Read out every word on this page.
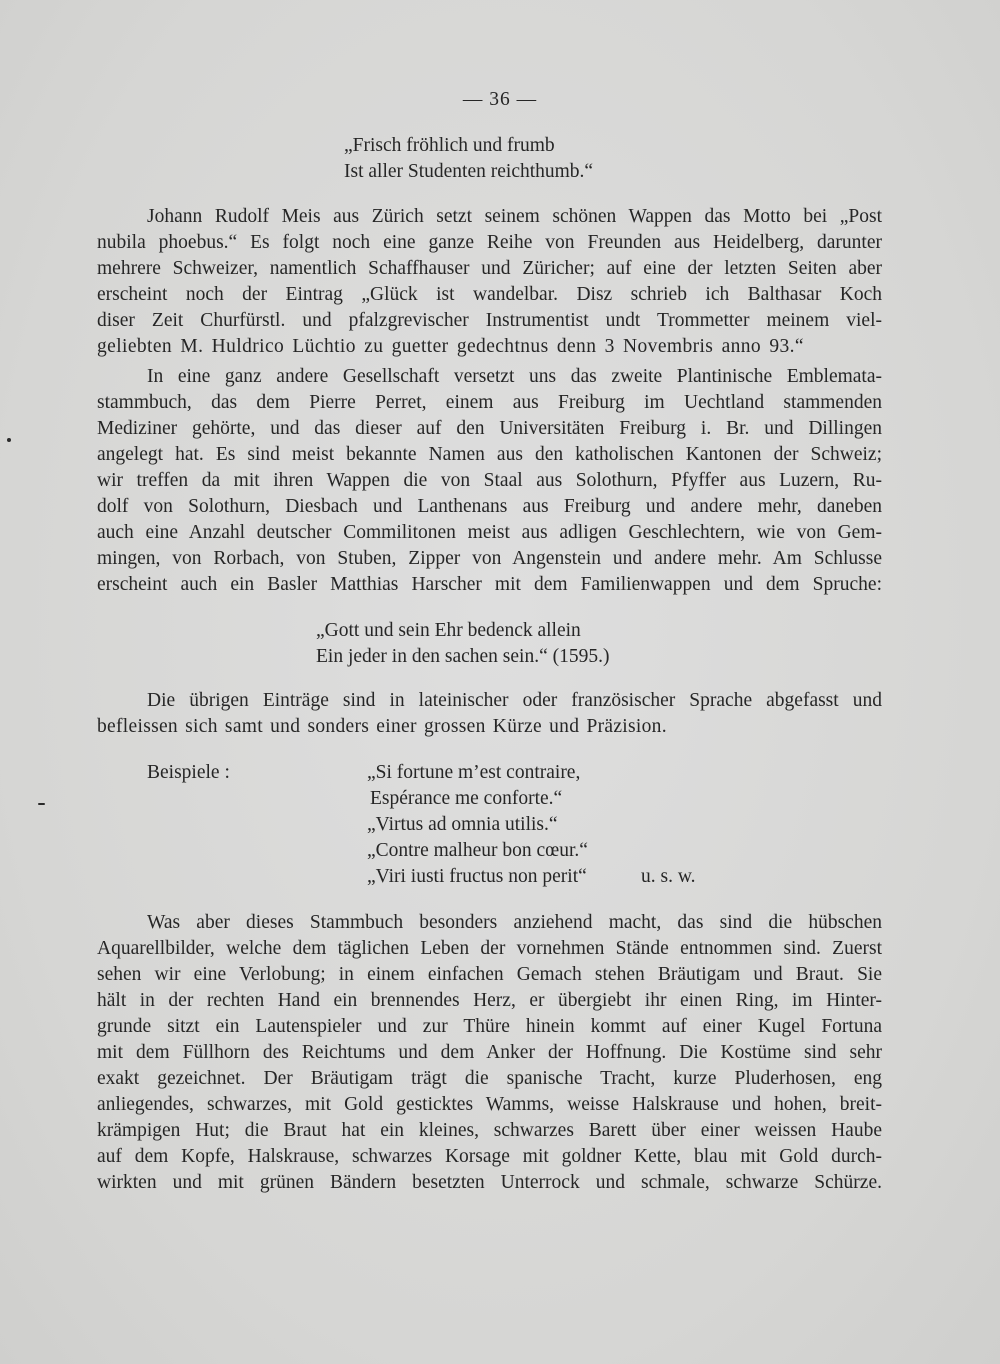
— 36 —
„Frisch fröhlich und frumb
Ist aller Studenten reichthumb.“
Johann Rudolf Meis aus Zürich setzt seinem schönen Wappen das Motto bei „Post
nubila phoebus.“ Es folgt noch eine ganze Reihe von Freunden aus Heidelberg, darunter
mehrere Schweizer, namentlich Schaffhauser und Züricher; auf eine der letzten Seiten aber
erscheint noch der Eintrag „Glück ist wandelbar. Disz schrieb ich Balthasar Koch
diser Zeit Churfürstl. und pfalzgrevischer Instrumentist undt Trommetter meinem viel-
geliebten M. Huldrico Lüchtio zu guetter gedechtnus denn 3 Novembris anno 93.“
In eine ganz andere Gesellschaft versetzt uns das zweite Plantinische Emblemata-
stammbuch, das dem Pierre Perret, einem aus Freiburg im Uechtland stammenden
Mediziner gehörte, und das dieser auf den Universitäten Freiburg i. Br. und Dillingen
angelegt hat. Es sind meist bekannte Namen aus den katholischen Kantonen der Schweiz;
wir treffen da mit ihren Wappen die von Staal aus Solothurn, Pfyffer aus Luzern, Ru-
dolf von Solothurn, Diesbach und Lanthenans aus Freiburg und andere mehr, daneben
auch eine Anzahl deutscher Commilitonen meist aus adligen Geschlechtern, wie von Gem-
mingen, von Rorbach, von Stuben, Zipper von Angenstein und andere mehr. Am Schlusse
erscheint auch ein Basler Matthias Harscher mit dem Familienwappen und dem Spruche:
„Gott und sein Ehr bedenck allein
Ein jeder in den sachen sein.“ (1595.)
Die übrigen Einträge sind in lateinischer oder französischer Sprache abgefasst und
befleissen sich samt und sonders einer grossen Kürze und Präzision.
Beispiele :	„Si fortune m’est contraire,
Espérance me conforte.“
„Virtus ad omnia utilis.“
„Contre malheur bon cœur.“
„Viri iusti fructus non perit“	u. s. w.
Was aber dieses Stammbuch besonders anziehend macht, das sind die hübschen
Aquarellbilder, welche dem täglichen Leben der vornehmen Stände entnommen sind. Zuerst
sehen wir eine Verlobung; in einem einfachen Gemach stehen Bräutigam und Braut. Sie
hält in der rechten Hand ein brennendes Herz, er übergiebt ihr einen Ring, im Hinter-
grunde sitzt ein Lautenspieler und zur Thüre hinein kommt auf einer Kugel Fortuna
mit dem Füllhorn des Reichtums und dem Anker der Hoffnung. Die Kostüme sind sehr
exakt gezeichnet. Der Bräutigam trägt die spanische Tracht, kurze Pluderhosen, eng
anliegendes, schwarzes, mit Gold gesticktes Wamms, weisse Halskrause und hohen, breit-
krämpigen Hut; die Braut hat ein kleines, schwarzes Barett über einer weissen Haube
auf dem Kopfe, Halskrause, schwarzes Korsage mit goldner Kette, blau mit Gold durch-
wirkten und mit grünen Bändern besetzten Unterrock und schmale, schwarze Schürze.
